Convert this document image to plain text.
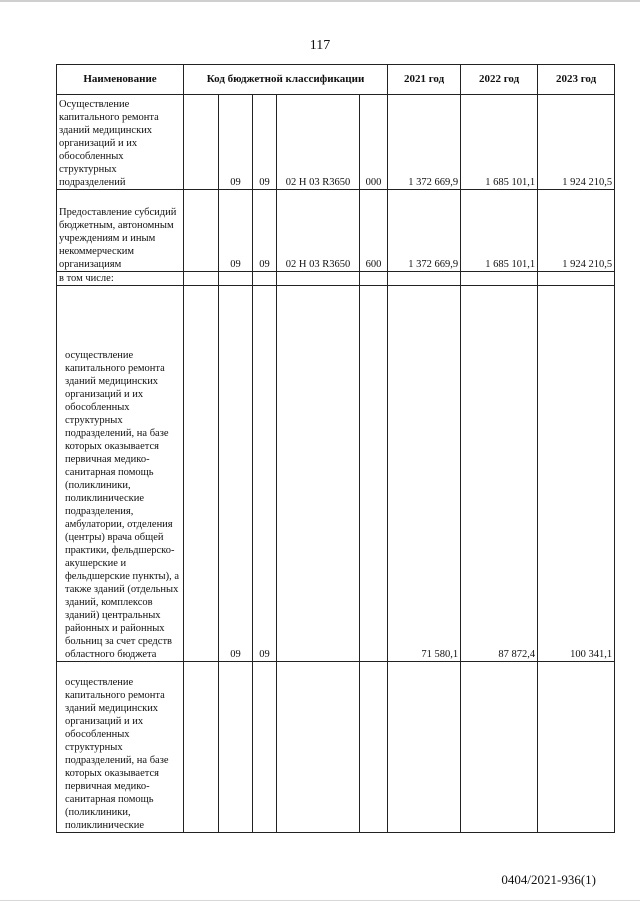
117
Наименование	Код бюджетной классификации					2021 год	2022 год	2023 год
Осуществление капитального ремонта зданий медицинских организаций и их обособленных структурных подразделений		09	09	02 Н 03 R3650	000	1 372 669,9	1 685 101,1	1 924 210,5
Предоставление субсидий бюджетным, автономным учреждениям и иным некоммерческим организациям		09	09	02 Н 03 R3650	600	1 372 669,9	1 685 101,1	1 924 210,5
в том числе:								
осуществление капитального ремонта зданий медицинских организаций и их обособленных структурных подразделений, на базе которых оказывается первичная медико-санитарная помощь (поликлиники, поликлинические подразделения, амбулатории, отделения (центры) врача общей практики, фельдшерско-акушерские и фельдшерские пункты), а также зданий (отдельных зданий, комплексов зданий) центральных районных и районных больниц за счет средств областного бюджета		09	09			71 580,1	87 872,4	100 341,1
осуществление капитального ремонта зданий медицинских организаций и их обособленных структурных подразделений, на базе которых оказывается первичная медико-санитарная помощь (поликлиники, поликлинические								
0404/2021-936(1)
